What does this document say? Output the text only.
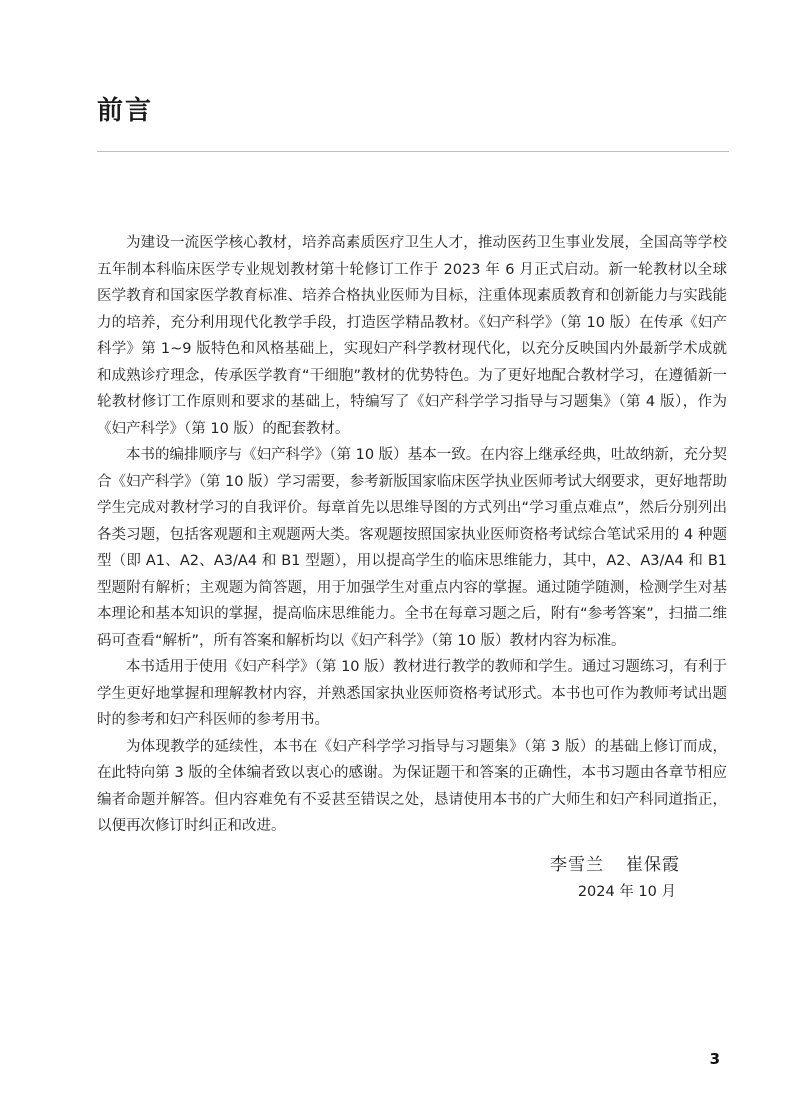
前言

为建设一流医学核心教材，培养高素质医疗卫生人才，推动医药卫生事业发展，全国高等学校五年制本科临床医学专业规划教材第十轮修订工作于 2023 年 6 月正式启动。新一轮教材以全球医学教育和国家医学教育标准、培养合格执业医师为目标，注重体现素质教育和创新能力与实践能力的培养，充分利用现代化教学手段，打造医学精品教材。《妇产科学》（第 10 版）在传承《妇产科学》第 1~9 版特色和风格基础上，实现妇产科学教材现代化，以充分反映国内外最新学术成就和成熟诊疗理念，传承医学教育“干细胞”教材的优势特色。为了更好地配合教材学习，在遵循新一轮教材修订工作原则和要求的基础上，特编写了《妇产科学学习指导与习题集》（第 4 版），作为《妇产科学》（第 10 版）的配套教材。

本书的编排顺序与《妇产科学》（第 10 版）基本一致。在内容上继承经典，吐故纳新，充分契合《妇产科学》（第 10 版）学习需要，参考新版国家临床医学执业医师考试大纲要求，更好地帮助学生完成对教材学习的自我评价。每章首先以思维导图的方式列出“学习重点难点”，然后分别列出各类习题，包括客观题和主观题两大类。客观题按照国家执业医师资格考试综合笔试采用的 4 种题型（即 A1、A2、A3/A4 和 B1 型题），用以提高学生的临床思维能力，其中，A2、A3/A4 和 B1 型题附有解析；主观题为简答题，用于加强学生对重点内容的掌握。通过随学随测，检测学生对基本理论和基本知识的掌握，提高临床思维能力。全书在每章习题之后，附有“参考答案”，扫描二维码可查看“解析”，所有答案和解析均以《妇产科学》（第 10 版）教材内容为标准。

本书适用于使用《妇产科学》（第 10 版）教材进行教学的教师和学生。通过习题练习，有利于学生更好地掌握和理解教材内容，并熟悉国家执业医师资格考试形式。本书也可作为教师考试出题时的参考和妇产科医师的参考用书。

为体现教学的延续性，本书在《妇产科学学习指导与习题集》（第 3 版）的基础上修订而成，在此特向第 3 版的全体编者致以衷心的感谢。为保证题干和答案的正确性，本书习题由各章节相应编者命题并解答。但内容难免有不妥甚至错误之处，恳请使用本书的广大师生和妇产科同道指正，以便再次修订时纠正和改进。

李雪兰 崔保霞
2024 年 10 月
3
